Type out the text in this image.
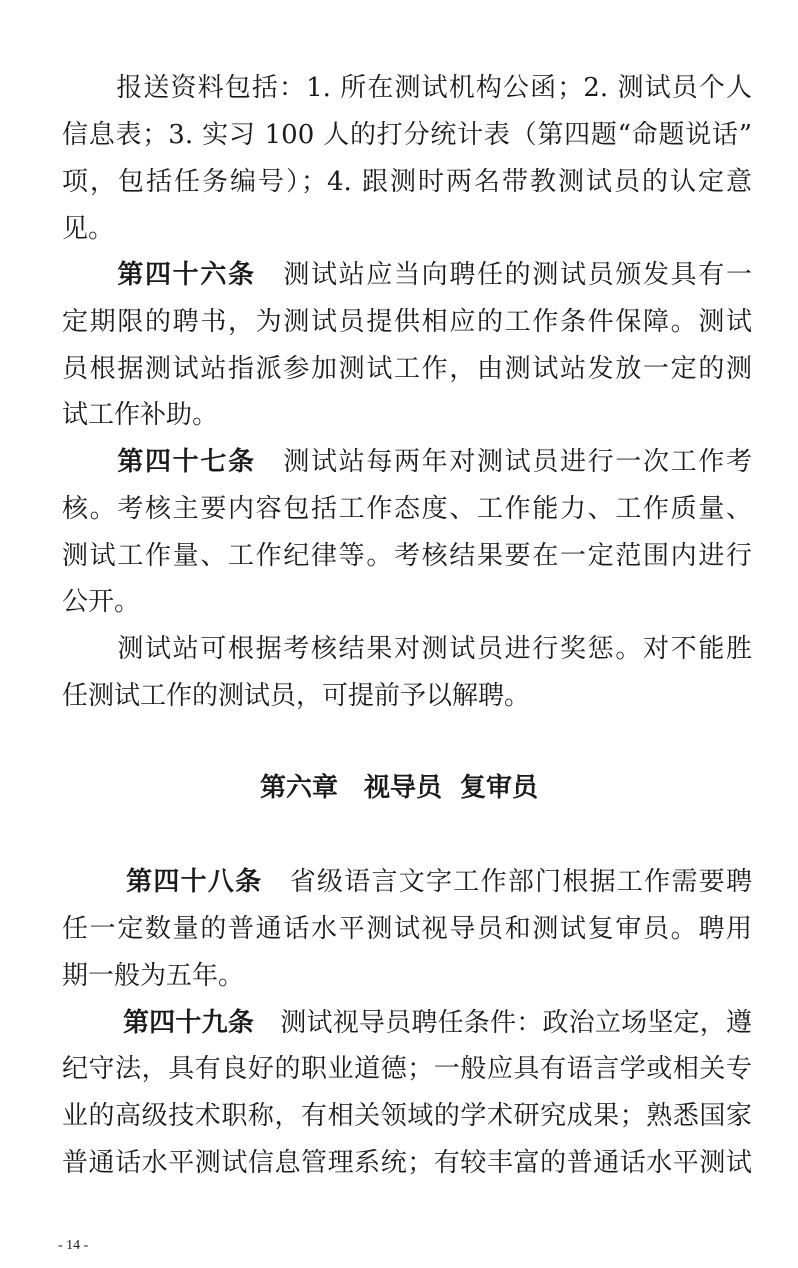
　　报送资料包括：1. 所在测试机构公函；2. 测试员个人
信息表；3. 实习 100 人的打分统计表（第四题“命题说话”
项，包括任务编号）；4. 跟测时两名带教测试员的认定意
见。
　　第四十六条　测试站应当向聘任的测试员颁发具有一
定期限的聘书，为测试员提供相应的工作条件保障。测试
员根据测试站指派参加测试工作，由测试站发放一定的测
试工作补助。
　　第四十七条　测试站每两年对测试员进行一次工作考
核。考核主要内容包括工作态度、工作能力、工作质量、
测试工作量、工作纪律等。考核结果要在一定范围内进行
公开。
　　测试站可根据考核结果对测试员进行奖惩。对不能胜
任测试工作的测试员，可提前予以解聘。
第六章　视导员  复审员
　　 第四十八条　省级语言文字工作部门根据工作需要聘
任一定数量的普通话水平测试视导员和测试复审员。聘用
期一般为五年。
　　 第四十九条　测试视导员聘任条件：政治立场坚定，遵
纪守法，具有良好的职业道德；一般应具有语言学或相关专
业的高级技术职称，有相关领域的学术研究成果；熟悉国家
普通话水平测试信息管理系统；有较丰富的普通话水平测试
- 14 -
